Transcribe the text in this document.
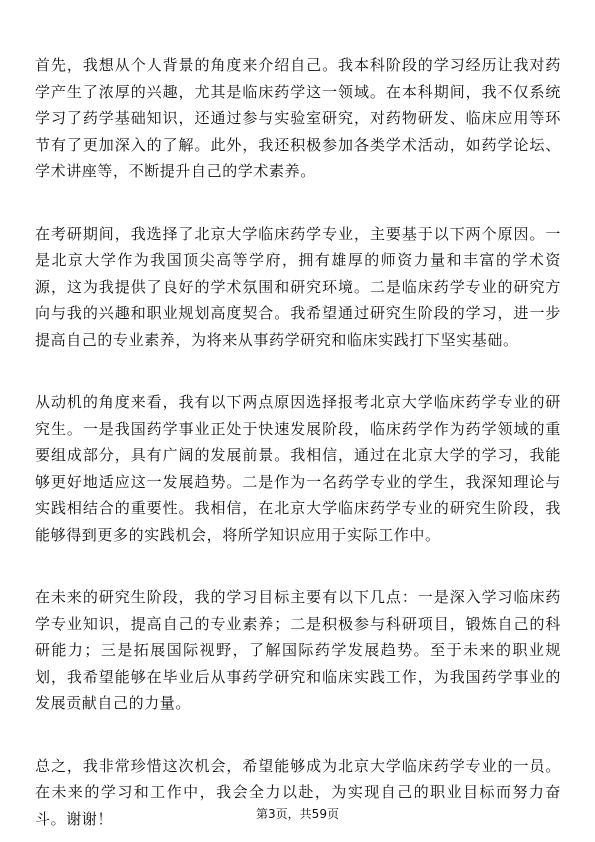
首先，我想从个人背景的角度来介绍自己。我本科阶段的学习经历让我对药学产生了浓厚的兴趣，尤其是临床药学这一领域。在本科期间，我不仅系统学习了药学基础知识，还通过参与实验室研究，对药物研发、临床应用等环节有了更加深入的了解。此外，我还积极参加各类学术活动，如药学论坛、学术讲座等，不断提升自己的学术素养。

在考研期间，我选择了北京大学临床药学专业，主要基于以下两个原因。一是北京大学作为我国顶尖高等学府，拥有雄厚的师资力量和丰富的学术资源，这为我提供了良好的学术氛围和研究环境。二是临床药学专业的研究方向与我的兴趣和职业规划高度契合。我希望通过研究生阶段的学习，进一步提高自己的专业素养，为将来从事药学研究和临床实践打下坚实基础。

从动机的角度来看，我有以下两点原因选择报考北京大学临床药学专业的研究生。一是我国药学事业正处于快速发展阶段，临床药学作为药学领域的重要组成部分，具有广阔的发展前景。我相信，通过在北京大学的学习，我能够更好地适应这一发展趋势。二是作为一名药学专业的学生，我深知理论与实践相结合的重要性。我相信，在北京大学临床药学专业的研究生阶段，我能够得到更多的实践机会，将所学知识应用于实际工作中。

在未来的研究生阶段，我的学习目标主要有以下几点：一是深入学习临床药学专业知识，提高自己的专业素养；二是积极参与科研项目，锻炼自己的科研能力；三是拓展国际视野，了解国际药学发展趋势。至于未来的职业规划，我希望能够在毕业后从事药学研究和临床实践工作，为我国药学事业的发展贡献自己的力量。

总之，我非常珍惜这次机会，希望能够成为北京大学临床药学专业的一员。在未来的学习和工作中，我会全力以赴，为实现自己的职业目标而努力奋斗。谢谢！	第3页，共59页
